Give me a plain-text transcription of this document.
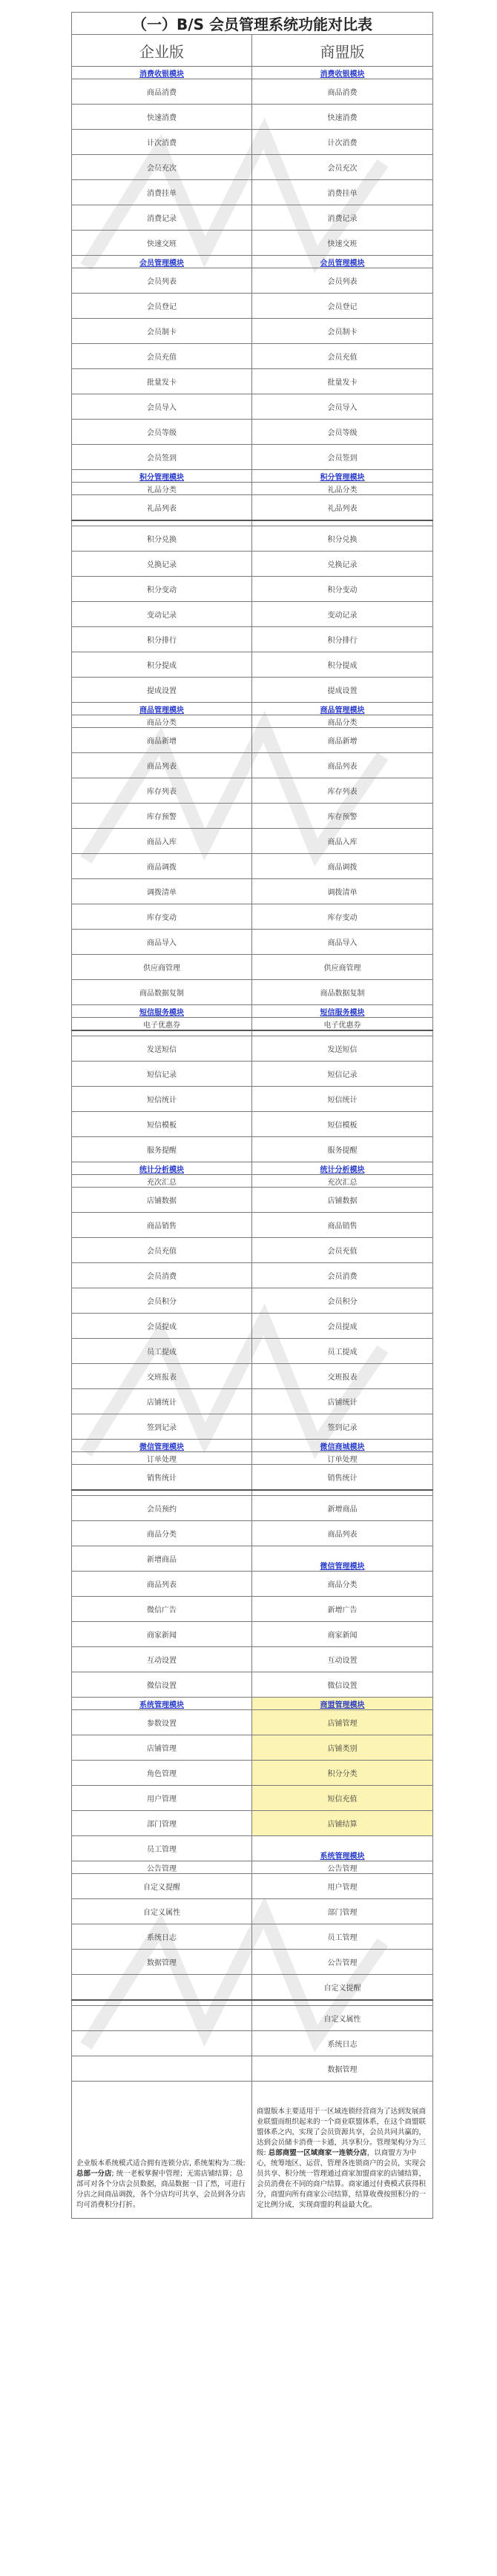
（一）B/S 会员管理系统功能对比表	
企业版	商盟版
消费收银模块	消费收银模块
商品消费	商品消费
快速消费	快速消费
计次消费	计次消费
会员充次	会员充次
消费挂单	消费挂单
消费记录	消费记录
快速交班	快速交班
会员管理模块	会员管理模块
会员列表	会员列表
会员登记	会员登记
会员制卡	会员制卡
会员充值	会员充值
批量发卡	批量发卡
会员导入	会员导入
会员等级	会员等级
会员签到	会员签到
积分管理模块	积分管理模块
礼品分类	礼品分类
礼品列表	礼品列表

积分兑换	积分兑换
兑换记录	兑换记录
积分变动	积分变动
变动记录	变动记录
积分排行	积分排行
积分提成	积分提成
提成设置	提成设置
商品管理模块	商品管理模块
商品分类	商品分类
商品新增	商品新增
商品列表	商品列表
库存列表	库存列表
库存预警	库存预警
商品入库	商品入库
商品调拨	商品调拨
调拨清单	调拨清单
库存变动	库存变动
商品导入	商品导入
供应商管理	供应商管理
商品数据复制	商品数据复制
短信服务模块	短信服务模块
电子优惠券	电子优惠券

发送短信	发送短信
短信记录	短信记录
短信统计	短信统计
短信模板	短信模板
服务提醒	服务提醒
统计分析模块	统计分析模块
充次汇总	充次汇总
店铺数据	店铺数据
商品销售	商品销售
会员充值	会员充值
会员消费	会员消费
会员积分	会员积分
会员提成	会员提成
员工提成	员工提成
交班报表	交班报表
店铺统计	店铺统计
签到记录	签到记录
微信管理模块	微信商城模块
订单处理	订单处理
销售统计	销售统计

会员预约	新增商品
商品分类	商品列表
新增商品	微信管理模块
商品列表	商品分类
微信广告	新增广告
商家新闻	商家新闻
互动设置	互动设置
微信设置	微信设置
系统管理模块	商盟管理模块
参数设置	店铺管理
店铺管理	店铺类别
角色管理	积分分类
用户管理	短信充值
部门管理	店铺结算
员工管理	系统管理模块
公告管理	公告管理
自定义提醒	用户管理
自定义属性	部门管理
系统日志	员工管理
数据管理	公告管理
	自定义提醒

	自定义属性
	系统日志
	数据管理
企业版本系统模式适合拥有连锁分店, 系统架构为二级: 总部一分店; 统一老板掌握中管理；无需店铺结算；总部可对各个分店会员数据，商品数据一目了然，可进行分店之间商品调拨，各个分店均可共享，会员到各分店均可消费积分打折。	商盟版本主要适用于一区域连锁经营商为了达到发展商业联盟而组织起来的一个商业联盟体系，在这个商盟联盟体系之内，实现了会员资源共享，会员共同共赢的，达到会员储卡消费一卡通，共享积分。管理架构分为三级: 总部商盟一区域商家一连锁分店，以商盟方为中心，统筹地区、运营、管理各连锁商户的会员，实现会员共享、积分统一管理通过商家加盟商家的店铺结算，会员消费在不同的商户结算。商家通过付费模式获得积分，商盟向所有商家公司结算，结算收费按照积分的一定比例分成，实现商盟的利益最大化。
